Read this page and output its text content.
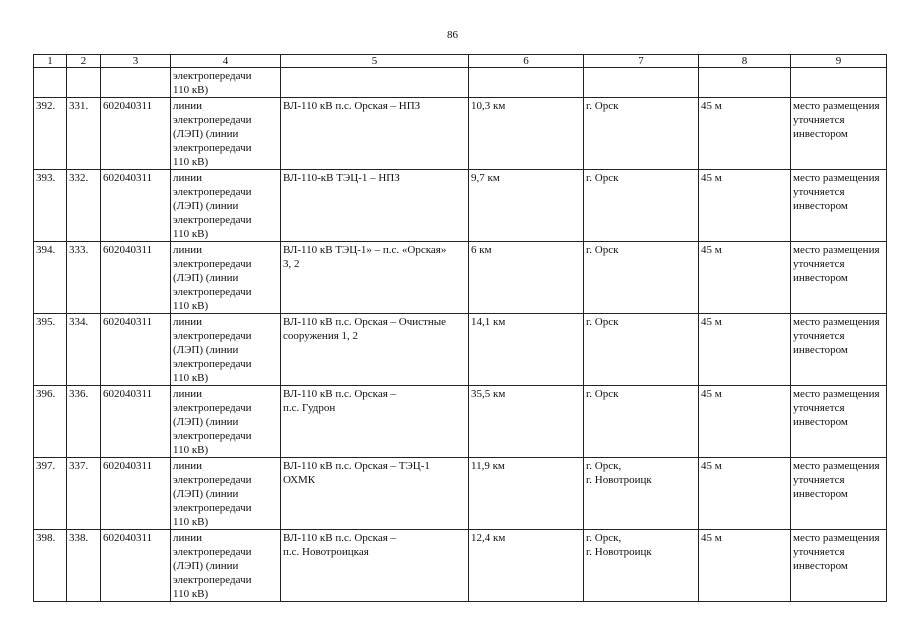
86
1	2	3	4	5	6	7	8	9

			электропередачи
110 кВ)					

392.	331.	602040311	линии
электропередачи
(ЛЭП) (линии
электропередачи
110 кВ)	ВЛ-110 кВ п.с. Орская – НПЗ	10,3 км	г. Орск	45 м	место размещения
уточняется
инвестором

393.	332.	602040311	линии
электропередачи
(ЛЭП) (линии
электропередачи
110 кВ)	ВЛ-110-кВ ТЭЦ-1 – НПЗ	9,7 км	г. Орск	45 м	место размещения
уточняется
инвестором

394.	333.	602040311	линии
электропередачи
(ЛЭП) (линии
электропередачи
110 кВ)	ВЛ-110 кВ ТЭЦ-1» – п.с. «Орская»
3, 2	6 км	г. Орск	45 м	место размещения
уточняется
инвестором

395.	334.	602040311	линии
электропередачи
(ЛЭП) (линии
электропередачи
110 кВ)	ВЛ-110 кВ п.с. Орская – Очистные
сооружения 1, 2	14,1 км	г. Орск	45 м	место размещения
уточняется
инвестором

396.	336.	602040311	линии
электропередачи
(ЛЭП) (линии
электропередачи
110 кВ)	ВЛ-110 кВ п.с. Орская –
п.с. Гудрон	35,5 км	г. Орск	45 м	место размещения
уточняется
инвестором

397.	337.	602040311	линии
электропередачи
(ЛЭП) (линии
электропередачи
110 кВ)	ВЛ-110 кВ п.с. Орская – ТЭЦ-1
ОХМК	11,9 км	г. Орск,
г. Новотроицк	45 м	место размещения
уточняется
инвестором

398.	338.	602040311	линии
электропередачи
(ЛЭП) (линии
электропередачи
110 кВ)	ВЛ-110 кВ п.с. Орская –
п.с. Новотроицкая	12,4 км	г. Орск,
г. Новотроицк	45 м	место размещения
уточняется
инвестором
